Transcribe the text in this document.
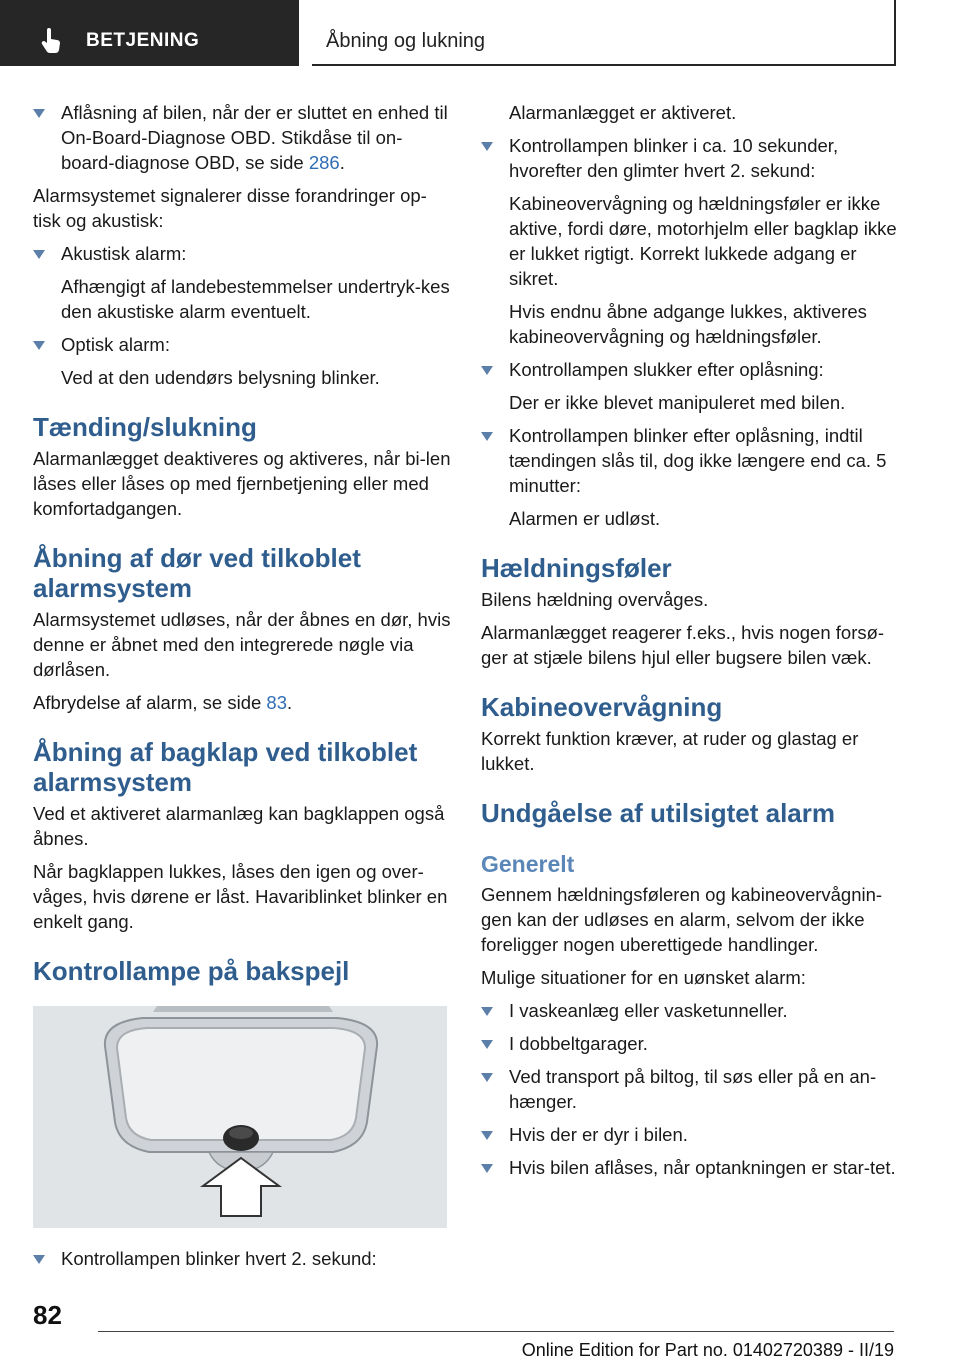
BETJENING	Åbning og lukning
Aflåsning af bilen, når der er sluttet en enhed til On-Board-Diagnose OBD. Stikdåse til on-board-diagnose OBD, se side 286.

Alarmsystemet signalerer disse forandringer op-tisk og akustisk:

Akustisk alarm:
Afhængigt af landebestemmelser undertryk-kes den akustiske alarm eventuelt.
Optisk alarm:
Ved at den udendørs belysning blinker.
Tænding/slukning

Alarmanlægget deaktiveres og aktiveres, når bi-len låses eller låses op med fjernbetjening eller med komfortadgangen.

Åbning af dør ved tilkoblet alarmsystem

Alarmsystemet udløses, når der åbnes en dør, hvis denne er åbnet med den integrerede nøgle via dørlåsen.

Afbrydelse af alarm, se side 83.

Åbning af bagklap ved tilkoblet alarmsystem

Ved et aktiveret alarmanlæg kan bagklappen også åbnes.

Når bagklappen lukkes, låses den igen og over-våges, hvis dørene er låst. Havariblinket blinker en enkelt gang.

Kontrollampe på bakspejl
Kontrollampen blinker hvert 2. sekund:
Alarmanlægget er aktiveret.
Kontrollampen blinker i ca. 10 sekunder, hvorefter den glimter hvert 2. sekund:
Kabineovervågning og hældningsføler er ikke aktive, fordi døre, motorhjelm eller bagklap ikke er lukket rigtigt. Korrekt lukkede adgang er sikret.
Hvis endnu åbne adgange lukkes, aktiveres kabineovervågning og hældningsføler.
Kontrollampen slukker efter oplåsning:
Der er ikke blevet manipuleret med bilen.
Kontrollampen blinker efter oplåsning, indtil tændingen slås til, dog ikke længere end ca. 5 minutter:
Alarmen er udløst.
Hældningsføler

Bilens hældning overvåges.

Alarmanlægget reagerer f.eks., hvis nogen forsø-ger at stjæle bilens hjul eller bugsere bilen væk.

Kabineovervågning

Korrekt funktion kræver, at ruder og glastag er lukket.

Undgåelse af utilsigtet alarm
Generelt

Gennem hældningsføleren og kabineovervågnin-gen kan der udløses en alarm, selvom der ikke foreligger nogen uberettigede handlinger.

Mulige situationer for en uønsket alarm:

I vaskeanlæg eller vasketunneller.
I dobbeltgarager.
Ved transport på biltog, til søs eller på en an-hænger.
Hvis der er dyr i bilen.
Hvis bilen aflåses, når optankningen er star-tet.
82
Online Edition for Part no. 01402720389 - II/19
